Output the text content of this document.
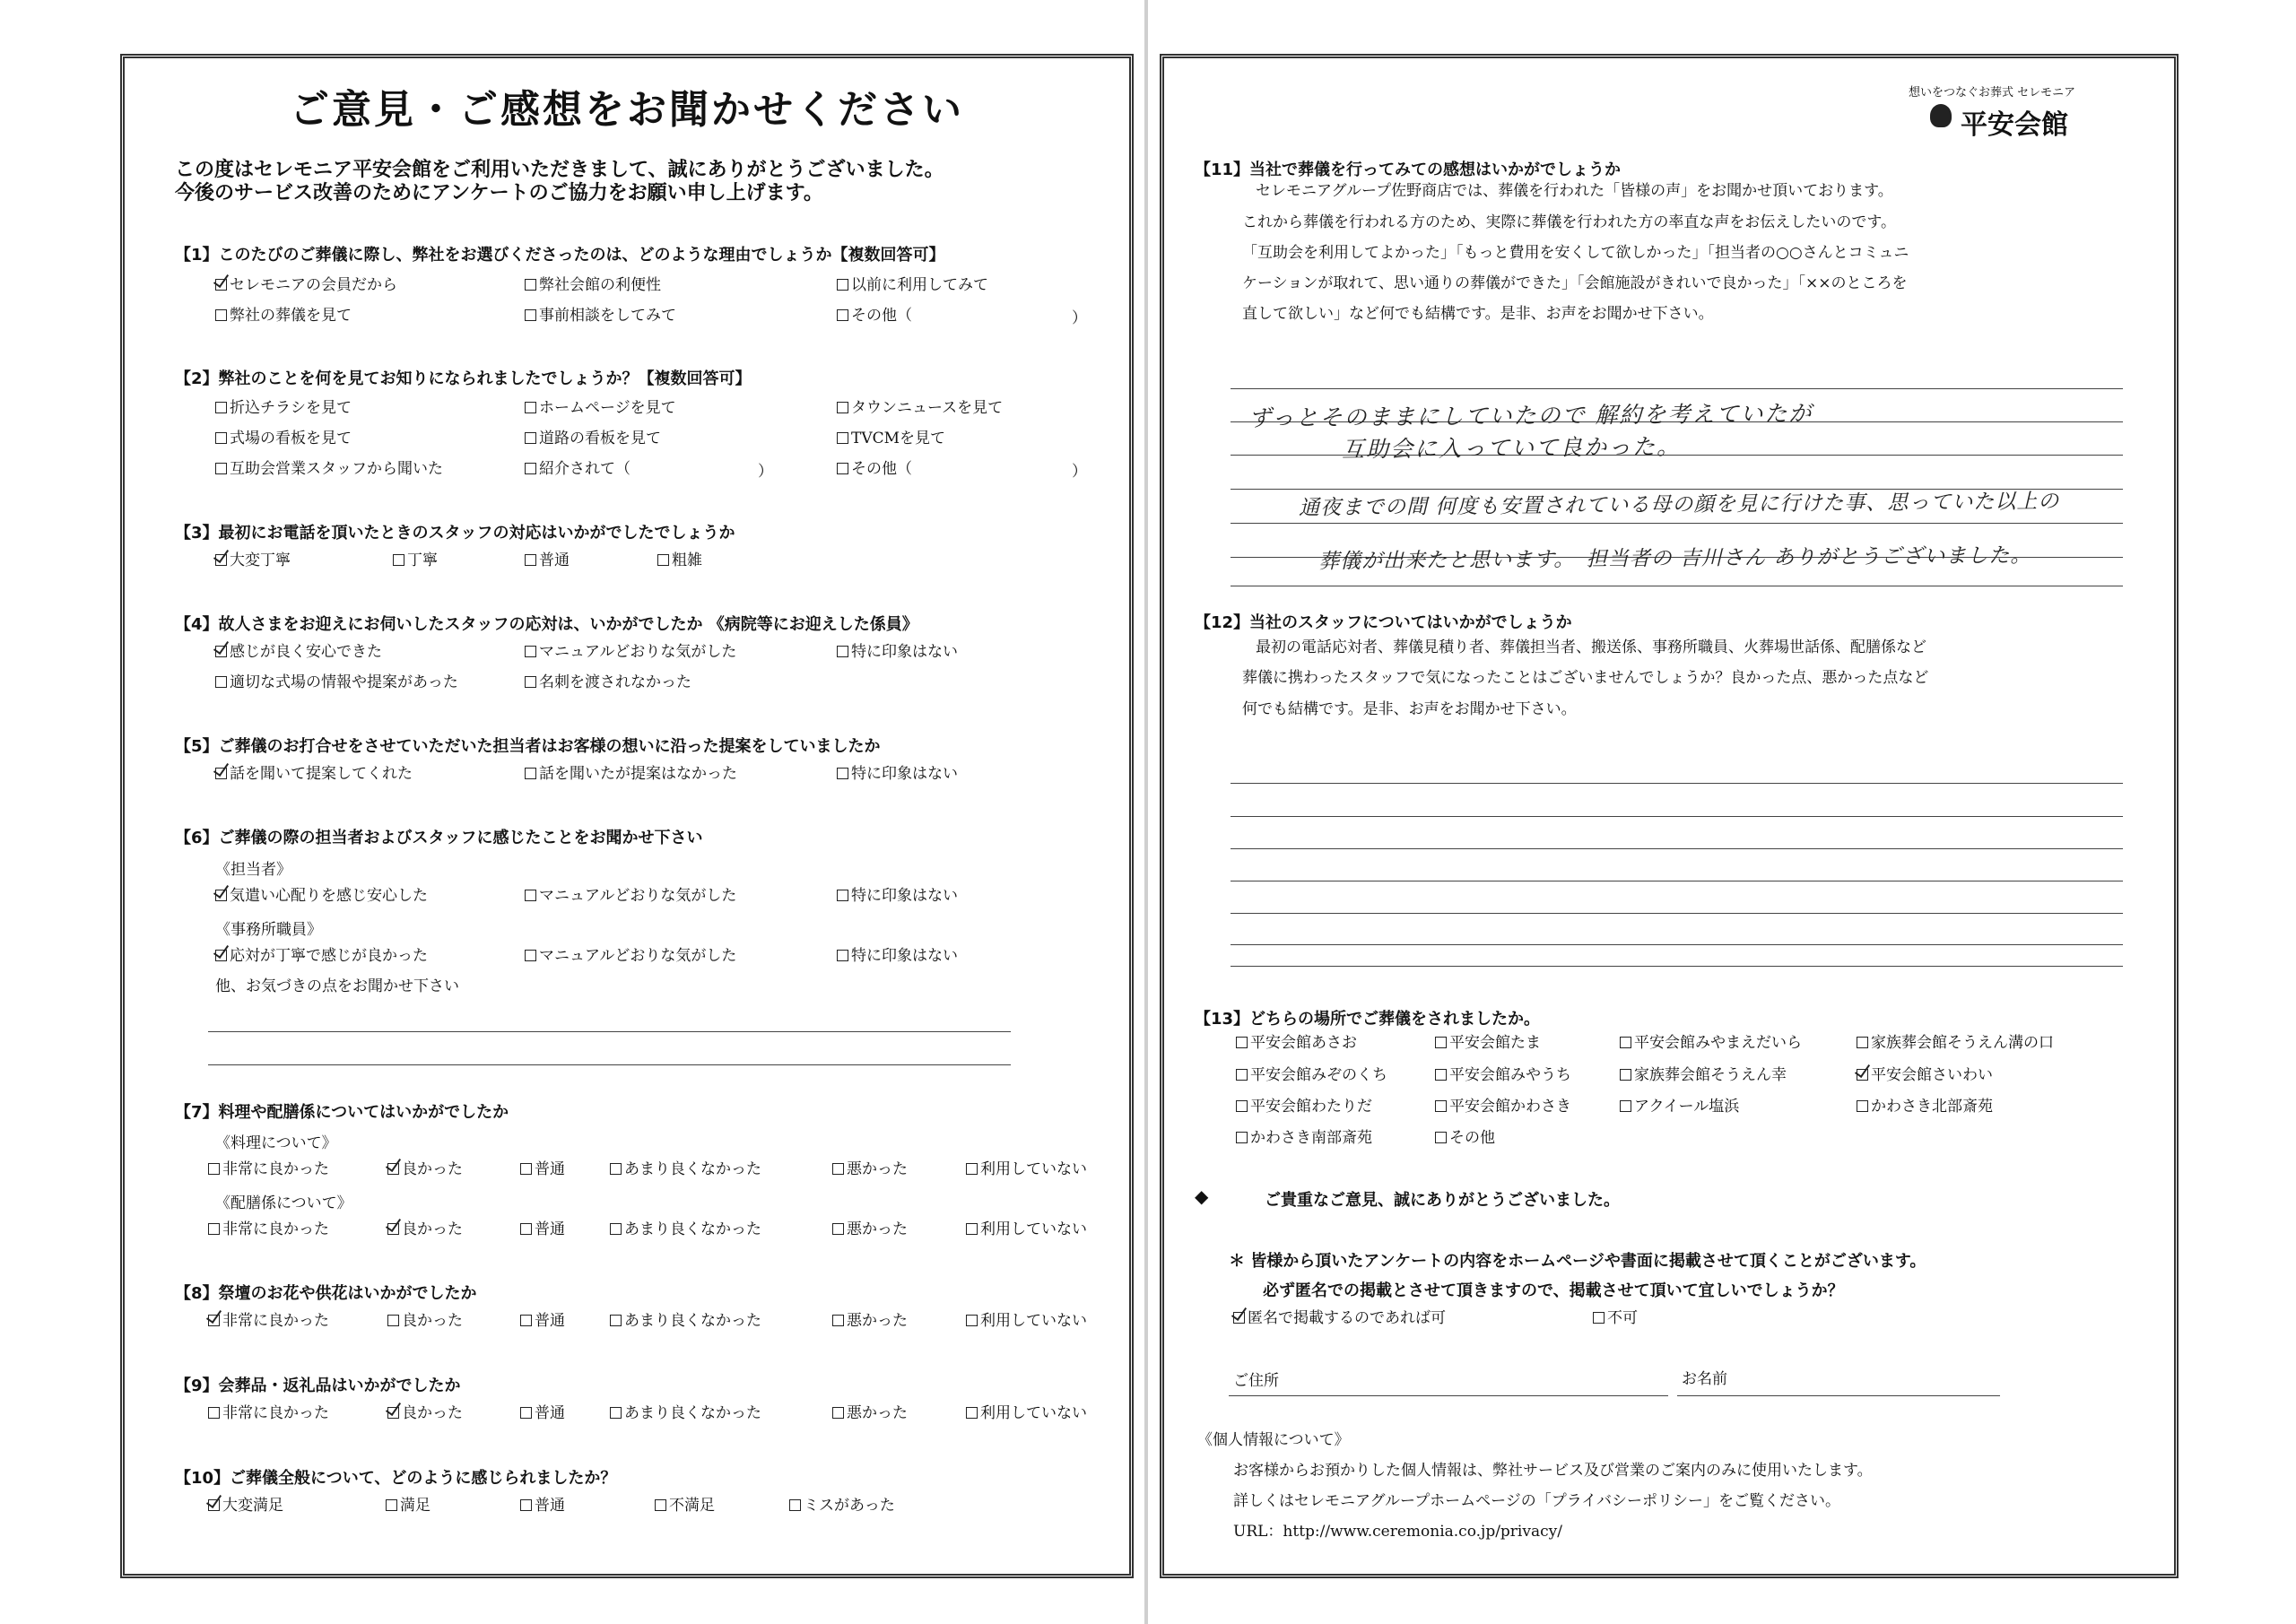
ご意見・ご感想をお聞かせください
この度はセレモニア平安会館をご利用いただきまして、誠にありがとうございました。
今後のサービス改善のためにアンケートのご協力をお願い申し上げます。
【1】このたびのご葬儀に際し、弊社をお選びくださったのは、どのような理由でしょうか【複数回答可】
セレモニアの会員だから	弊社会館の利便性	以前に利用してみて
弊社の葬儀を見て	事前相談をしてみて	その他（	）
【2】弊社のことを何を見てお知りになられましたでしょうか？【複数回答可】
折込チラシを見て	ホームページを見て	タウンニュースを見て
式場の看板を見て	道路の看板を見て	TVCMを見て
互助会営業スタッフから聞いた	紹介されて（	）	その他（	）
【3】最初にお電話を頂いたときのスタッフの対応はいかがでしたでしょうか
大変丁寧	丁寧	普通	粗雑
【4】故人さまをお迎えにお伺いしたスタッフの応対は、いかがでしたか 《病院等にお迎えした係員》
感じが良く安心できた	マニュアルどおりな気がした	特に印象はない
適切な式場の情報や提案があった	名刺を渡されなかった
【5】ご葬儀のお打合せをさせていただいた担当者はお客様の想いに沿った提案をしていましたか
話を聞いて提案してくれた	話を聞いたが提案はなかった	特に印象はない
【6】ご葬儀の際の担当者およびスタッフに感じたことをお聞かせ下さい
《担当者》
気遣い心配りを感じ安心した	マニュアルどおりな気がした	特に印象はない
《事務所職員》
応対が丁寧で感じが良かった	マニュアルどおりな気がした	特に印象はない
他、お気づきの点をお聞かせ下さい
【7】料理や配膳係についてはいかがでしたか
《料理について》
非常に良かった	良かった	普通	あまり良くなかった	悪かった	利用していない
《配膳係について》
非常に良かった	良かった	普通	あまり良くなかった	悪かった	利用していない
【8】祭壇のお花や供花はいかがでしたか
非常に良かった	良かった	普通	あまり良くなかった	悪かった	利用していない
【9】会葬品・返礼品はいかがでしたか
非常に良かった	良かった	普通	あまり良くなかった	悪かった	利用していない
【10】ご葬儀全般について、どのように感じられましたか？
大変満足	満足	普通	不満足	ミスがあった
想いをつなぐお葬式 セレモニア
平安会館
【11】当社で葬儀を行ってみての感想はいかがでしょうか
セレモニアグループ佐野商店では、葬儀を行われた「皆様の声」をお聞かせ頂いております。
これから葬儀を行われる方のため、実際に葬儀を行われた方の率直な声をお伝えしたいのです。
「互助会を利用してよかった」「もっと費用を安くして欲しかった」「担当者の○○さんとコミュニ
ケーションが取れて、思い通りの葬儀ができた」「会館施設がきれいで良かった」「××のところを
直して欲しい」など何でも結構です。是非、お声をお聞かせ下さい。
ずっとそのままにしていたので 解約を考えていたが
互助会に入っていて良かった。
通夜までの間 何度も安置されている母の顔を見に行けた事、思っていた以上の
葬儀が出来たと思います。　担当者の 吉川さん ありがとうございました。
【12】当社のスタッフについてはいかがでしょうか
最初の電話応対者、葬儀見積り者、葬儀担当者、搬送係、事務所職員、火葬場世話係、配膳係など
葬儀に携わったスタッフで気になったことはございませんでしょうか？良かった点、悪かった点など
何でも結構です。是非、お声をお聞かせ下さい。
【13】どちらの場所でご葬儀をされましたか。
平安会館あさお	平安会館たま	平安会館みやまえだいら	家族葬会館そうえん溝の口
平安会館みぞのくち	平安会館みやうち	家族葬会館そうえん幸	平安会館さいわい
平安会館わたりだ	平安会館かわさき	アクイール塩浜	かわさき北部斎苑
かわさき南部斎苑	その他
◆	ご貴重なご意見、誠にありがとうございました。
＊ 皆様から頂いたアンケートの内容をホームページや書面に掲載させて頂くことがございます。
必ず匿名での掲載とさせて頂きますので、掲載させて頂いて宜しいでしょうか？
匿名で掲載するのであれば可	不可
ご住所	お名前
《個人情報について》
お客様からお預かりした個人情報は、弊社サービス及び営業のご案内のみに使用いたします。
詳しくはセレモニアグループホームページの「プライバシーポリシー」をご覧ください。
URL：http://www.ceremonia.co.jp/privacy/
